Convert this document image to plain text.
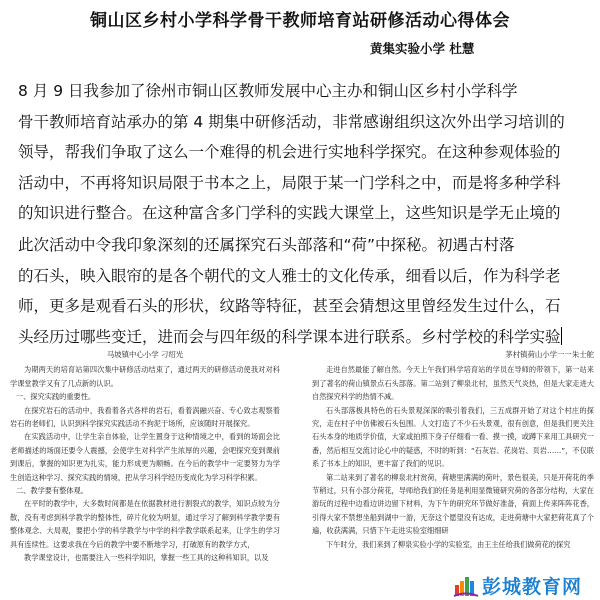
铜山区乡村小学科学骨干教师培育站研修活动心得体会
黄集实验小学 杜慧
8 月 9 日我参加了徐州市铜山区教师发展中心主办和铜山区乡村小学科学
骨干教师培育站承办的第 4 期集中研修活动，非常感谢组织这次外出学习培训的
领导，帮我们争取了这么一个难得的机会进行实地科学探究。在这种参观体验的
活动中，不再将知识局限于书本之上，局限于某一门学科之中，而是将多种学科
的知识进行整合。在这种富含多门学科的实践大课堂上，这些知识是学无止境的
此次活动中令我印象深刻的还属探究石头部落和“荷”中探秘。初遇古村落
的石头，映入眼帘的是各个朝代的文人雅士的文化传承，细看以后，作为科学老
师，更多是观看石头的形状，纹路等特征，甚至会猜想这里曾经发生过什么，石
头经历过哪些变迁，进而会与四年级的科学课本进行联系。乡村学校的科学实验
马坡镇中心小学 刁绍光

为期两天的培育站第四次集中研修活动结束了，通过两天的研修活动使我对对科学课堂教学又有了几点新的认识。

一、探究实践的重要性。

在探究岩石的活动中，我看着各式各样的岩石，看着涡融兴奋、专心致志观察着岩石的老师们，认识到科学探究实践活动不拘泥于场所，应该随时开展探究。

在实践活动中，让学生亲自体验，让学生置身于这种情境之中，看到的场面会比老师描述的场面还要令人震撼，会使学生对科学产生浓厚的兴趣，会吧探究变到课前到课后，掌握的知识更为扎实，能力形成更为顺畅。在今后的教学中一定要努力为学生创造这种学习、探究实践的情境，把从学习科学经历变成化为学习科学积累。

二、教学要有整体观。

在平时的教学中，大多数时间都是在依据教材进行割裂式的教学，知识点较为分散，没有考虑到科学教学的整体性，碎片化较为明显，通过学习了解到科学教学要有整体观念、大局观，要把小学的科学教学与中学的科学教学联系起来，让学生的学习具有连续性。这要求我在今后的教学中要不断地学习，打破原有的教学方式，

教学课堂设计，也需要注入一些科学知识，掌握一些工具的这种科知识，以及

茅村镇荷山小学一一朱士舵

走进自然最能了解自然。今天上午我们科学培育站的学员在导师的带领下，第一站来到了著名的荷山镇景点石头部落。第二站到了柳泉北村，虽然天气炎热，但是大家走进大自然探究科学的热情不减。

石头部落极具特色的石头景观深深的吸引着我们，三五成群开始了对这个村庄的探究，走在村子中仿佛被石头包围。人文打造了不少石头景观，很有创意，但是我们更关注石头本身的地质学价值，大家或拍照下身子仔细看一看、摸一摸，或蹲下来用工具研究一番，然后相互交流讨论心中的疑惑，不时的听到：“石灰岩、花岗岩、页岩……”，不仅联系了书本上的知识，更丰富了我们的见识。

第二站来到了著名的柳泉北村赏荷，荷塘里满满的荷叶，景色很美，只是开荷花的季节稍过，只有小部分荷花，导师给我们的任务是利用显微镜研究荷的各部分结构，大家在游玩的过程中边看边讲边留下材料，为下午的研究环节做好准备，荷面上传来阵阵花香，引得大家不禁想坐船到湖中一游，无奈这个愿望没有达成，走进荷塘中大家把荷花真了个遍，收获满满，只惜下午走进实验室细细研

下午时分，我们来到了柳泉实验小学的实验室，由王主任给我们做荷花的探究

彭城教育网
